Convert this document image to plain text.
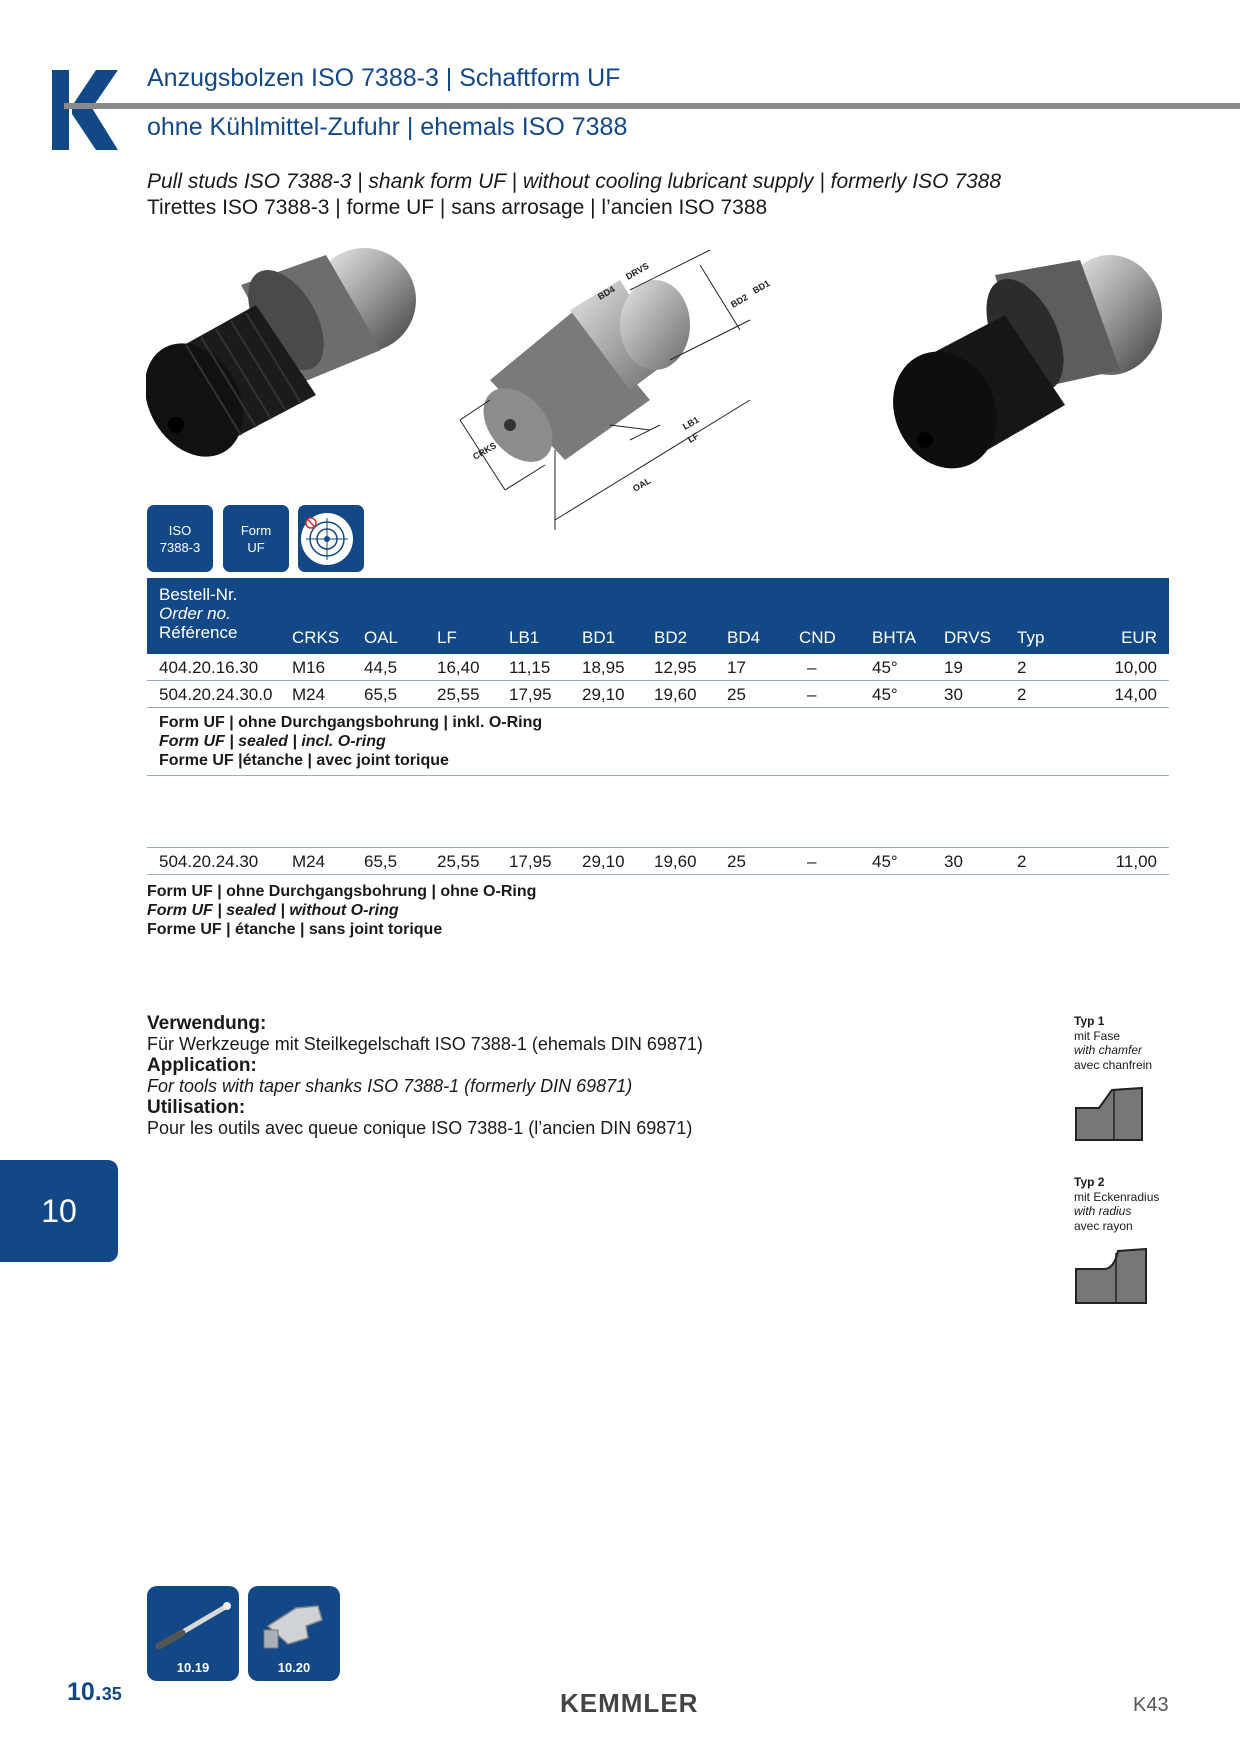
Anzugsbolzen ISO 7388-3 | Schaftform UF
ohne Kühlmittel-Zufuhr | ehemals ISO 7388
Pull studs ISO 7388-3 | shank form UF | without cooling lubricant supply | formerly ISO 7388
Tirettes ISO 7388-3 | forme UF | sans arrosage | l’ancien ISO 7388
CRKS
OAL
LB1
LF
BD4
DRVS
BD2
BD1
ISO
7388-3
Form
UF
Bestell-Nr.
Order no.
Référence	CRKS OAL LF	LB1	BD1 BD2 BD4 CND BHTA DRVS Typ	EUR
404.20.16.30 M16 44,5 16,40 11,15 18,95 12,95 17	–	45°	19	2	10,00
504.20.24.30.0 M24 65,5 25,55 17,95 29,10 19,60 25	–	45°	30	2	14,00
Form UF | ohne Durchgangsbohrung | inkl. O-Ring
Form UF | sealed | incl. O-ring
Forme UF |étanche | avec joint torique
504.20.24.30 M24 65,5 25,55 17,95 29,10 19,60 25	–	45°	30	2	11,00
Form UF | ohne Durchgangsbohrung | ohne O-Ring
Form UF | sealed | without O-ring
Forme UF | étanche | sans joint torique
Verwendung:
Für Werkzeuge mit Steilkegelschaft ISO 7388-1 (ehemals DIN 69871)
Application:
For tools with taper shanks ISO 7388-1 (formerly DIN 69871)
Utilisation:
Pour les outils avec queue conique ISO 7388-1 (l’ancien DIN 69871)
Typ 1
mit Fase
with chamfer
avec chanfrein
Typ 2
mit Eckenradius
with radius
avec rayon
10
10.19	10.20
10.35	KEMMLER	K43
